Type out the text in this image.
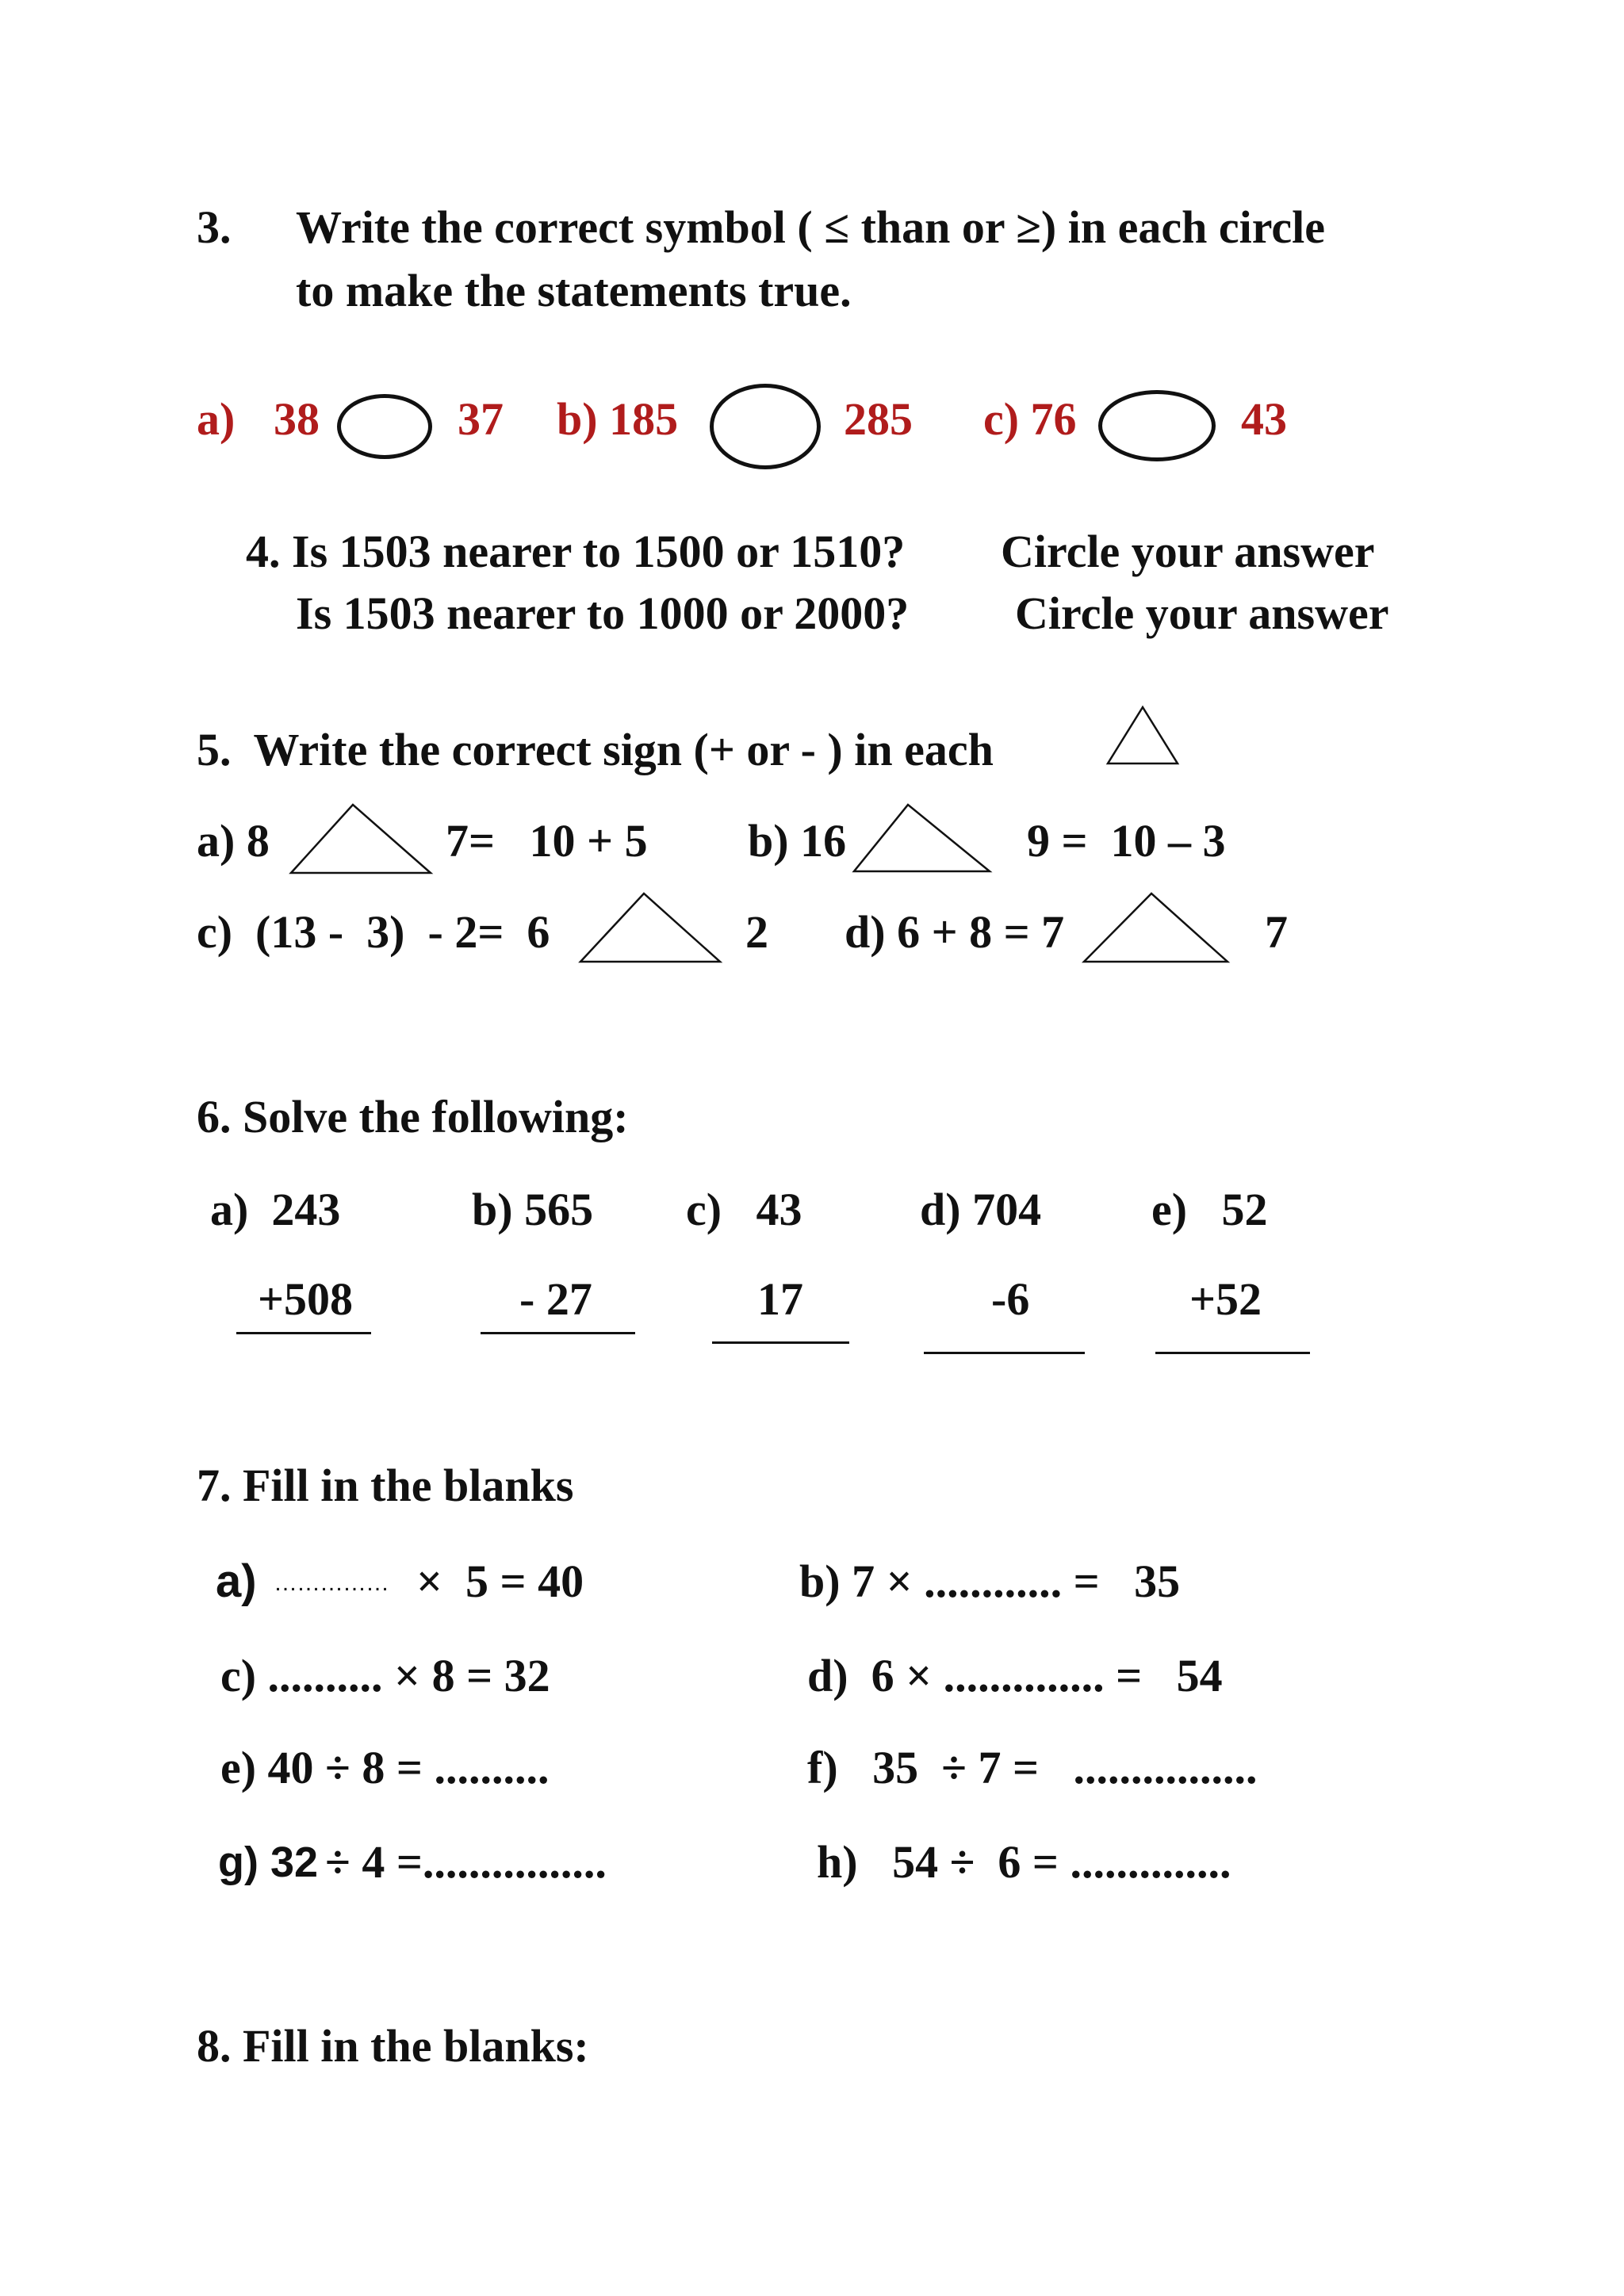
3. Write the correct symbol ( ≤ than or ≥) in each circle
to make the statements true.
a) 38	37 b) 185	285 c) 76	43
4. Is 1503 nearer to 1500 or 1510? Circle your answer
Is 1503 nearer to 1000 or 2000? Circle your answer
5.  Write the correct sign (+ or - ) in each
a) 8	7=   10 + 5 b) 16	9 =  10 – 3
c)  (13 -  3)  - 2=  6	2 d) 6 + 8 = 7	7
6. Solve the following:
a)  243
+508
b) 565
- 27
c)   43
17
d) 704
-6
e)   52
+52
7. Fill in the blanks
a) …………… ×  5 = 40	b) 7 × ............ =   35
c) .......... × 8 = 32	d)  6 × .............. =   54
e) 40 ÷ 8 = ..........	f)   35  ÷ 7 =   ................
g) 32 ÷ 4 =................	h)   54 ÷  6 = ..............
8. Fill in the blanks:
